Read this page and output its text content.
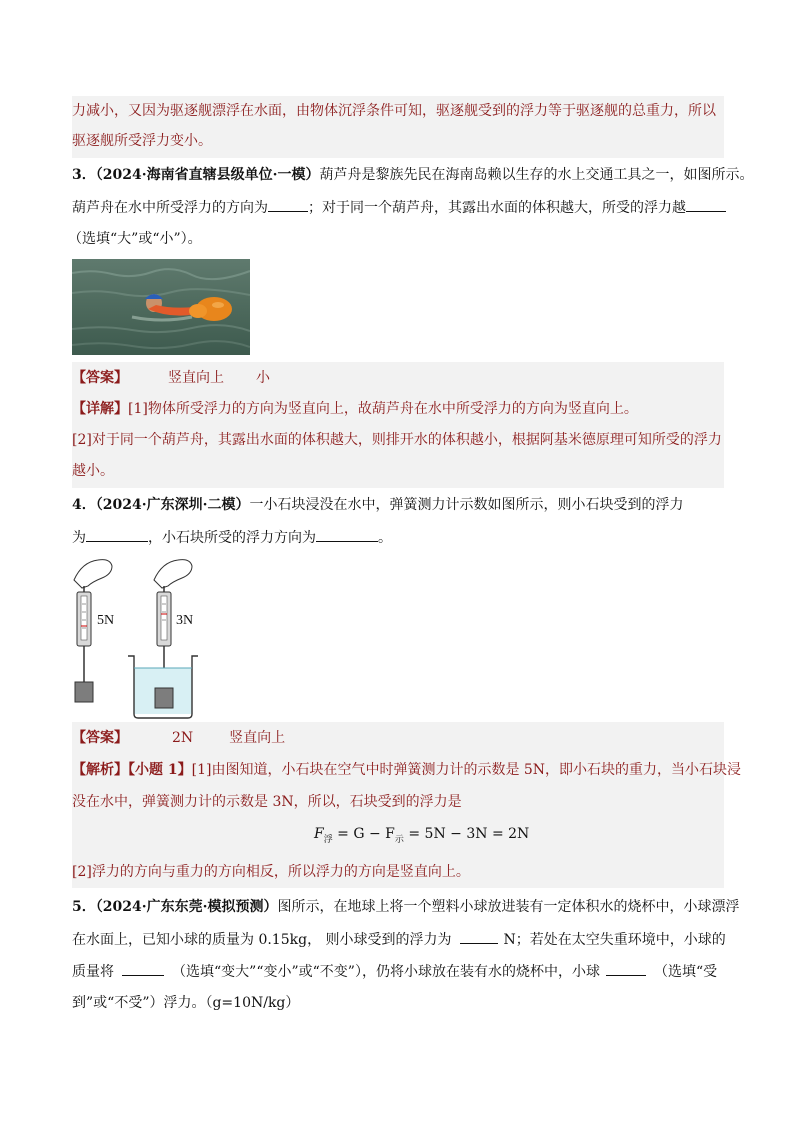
力减小，又因为驱逐舰漂浮在水面，由物体沉浮条件可知，驱逐舰受到的浮力等于驱逐舰的总重力，所以
驱逐舰所受浮力变小。
3．（2024·海南省直辖县级单位·一模）葫芦舟是黎族先民在海南岛赖以生存的水上交通工具之一，如图所示。
葫芦舟在水中所受浮力的方向为	；对于同一个葫芦舟，其露出水面的体积越大，所受的浮力越
（选填“大”或“小”）。
【答案】	竖直向上 小
【详解】[1]物体所受浮力的方向为竖直向上，故葫芦舟在水中所受浮力的方向为竖直向上。
[2]对于同一个葫芦舟，其露出水面的体积越大，则排开水的体积越小，根据阿基米德原理可知所受的浮力
越小。
4．（2024·广东深圳·二模）一小石块浸没在水中，弹簧测力计示数如图所示，则小石块受到的浮力
为	，小石块所受的浮力方向为	。
5N	3N
【答案】	2N	竖直向上
【解析】【小题 1】[1]由图知道，小石块在空气中时弹簧测力计的示数是 5N，即小石块的重力，当小石块浸
没在水中，弹簧测力计的示数是 3N，所以，石块受到的浮力是
$F_浮 = G - F_示 = 5N - 3N = 2N$
[2]浮力的方向与重力的方向相反，所以浮力的方向是竖直向上。
5．（2024·广东东莞·模拟预测）图所示，在地球上将一个塑料小球放进装有一定体积水的烧杯中，小球漂浮
在水面上，已知小球的质量为 0.15kg， 则小球受到的浮力为	N；若处在太空失重环境中，小球的
质量将	（选填“变大”“变小”或“不变”），仍将小球放在装有水的烧杯中，小球	（选填“受
到”或“不受”）浮力。（g=10N/kg）
